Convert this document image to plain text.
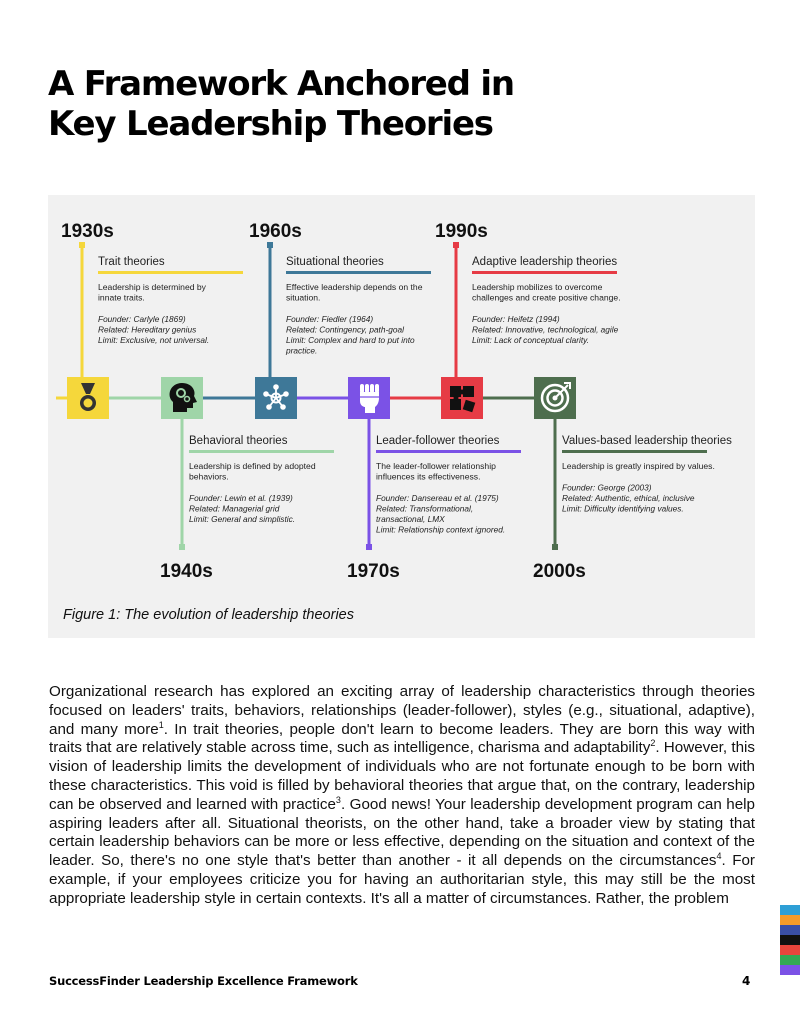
A Framework Anchored in
Key Leadership Theories
1930s
Trait theories
Leadership is determined by
innate traits.
Founder: Carlyle (1869)
Related: Hereditary genius
Limit: Exclusive, not universal.
1940s
Behavioral theories
Leadership is defined by adopted
behaviors.
Founder: Lewin et al. (1939)
Related: Managerial grid
Limit: General and simplistic.
1960s
Situational theories
Effective leadership depends on the
situation.
Founder: Fiedler (1964)
Related: Contingency, path-goal
Limit: Complex and hard to put into
practice.
1970s
Leader-follower theories
The leader-follower relationship
influences its effectiveness.
Founder: Dansereau et al. (1975)
Related: Transformational,
transactional, LMX
Limit: Relationship context ignored.
1990s
Adaptive leadership theories
Leadership mobilizes to overcome
challenges and create positive change.
Founder: Heifetz (1994)
Related: Innovative, technological, agile
Limit: Lack of conceptual clarity.
2000s
Values-based leadership theories
Leadership is greatly inspired by values.
Founder: George (2003)
Related: Authentic, ethical, inclusive
Limit: Difficulty identifying values.
Figure 1: The evolution of leadership theories

Organizational research has explored an exciting array of leadership characteristics through theories focused on leaders' traits, behaviors, relationships (leader-follower), styles (e.g., situational, adaptive), and many more$^1$. In trait theories, people don't learn to become leaders. They are born this way with traits that are relatively stable across time, such as intelligence, charisma and adaptability$^2$. However, this vision of leadership limits the development of individuals who are not fortunate enough to be born with these characteristics. This void is filled by behavioral theories that argue that, on the contrary, leadership can be observed and learned with practice$^3$. Good news! Your leadership development program can help aspiring leaders after all. Situational theorists, on the other hand, take a broader view by stating that certain leadership behaviors can be more or less effective, depending on the situation and context of the leader. So, there's no one style that's better than another - it all depends on the circumstances$^4$. For example, if your employees criticize you for having an authoritarian style, this may still be the most appropriate leadership style in certain contexts. It's all a matter of circumstances. Rather, the problem

SuccessFinder Leadership Excellence Framework	4
